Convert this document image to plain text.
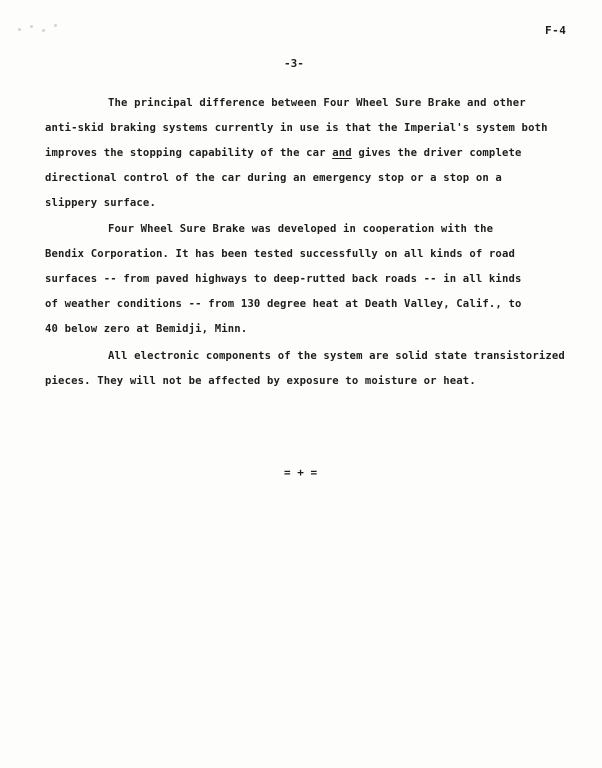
F-4
-3-
The principal difference between Four Wheel Sure Brake and other
anti-skid braking systems currently in use is that the Imperial's system both
improves the stopping capability of the car and gives the driver complete
directional control of the car during an emergency stop or a stop on a
slippery surface.
Four Wheel Sure Brake was developed in cooperation with the
Bendix Corporation. It has been tested successfully on all kinds of road
surfaces -- from paved highways to deep-rutted back roads -- in all kinds
of weather conditions -- from 130 degree heat at Death Valley, Calif., to
40 below zero at Bemidji, Minn.
All electronic components of the system are solid state transistorized
pieces. They will not be affected by exposure to moisture or heat.
= + =
